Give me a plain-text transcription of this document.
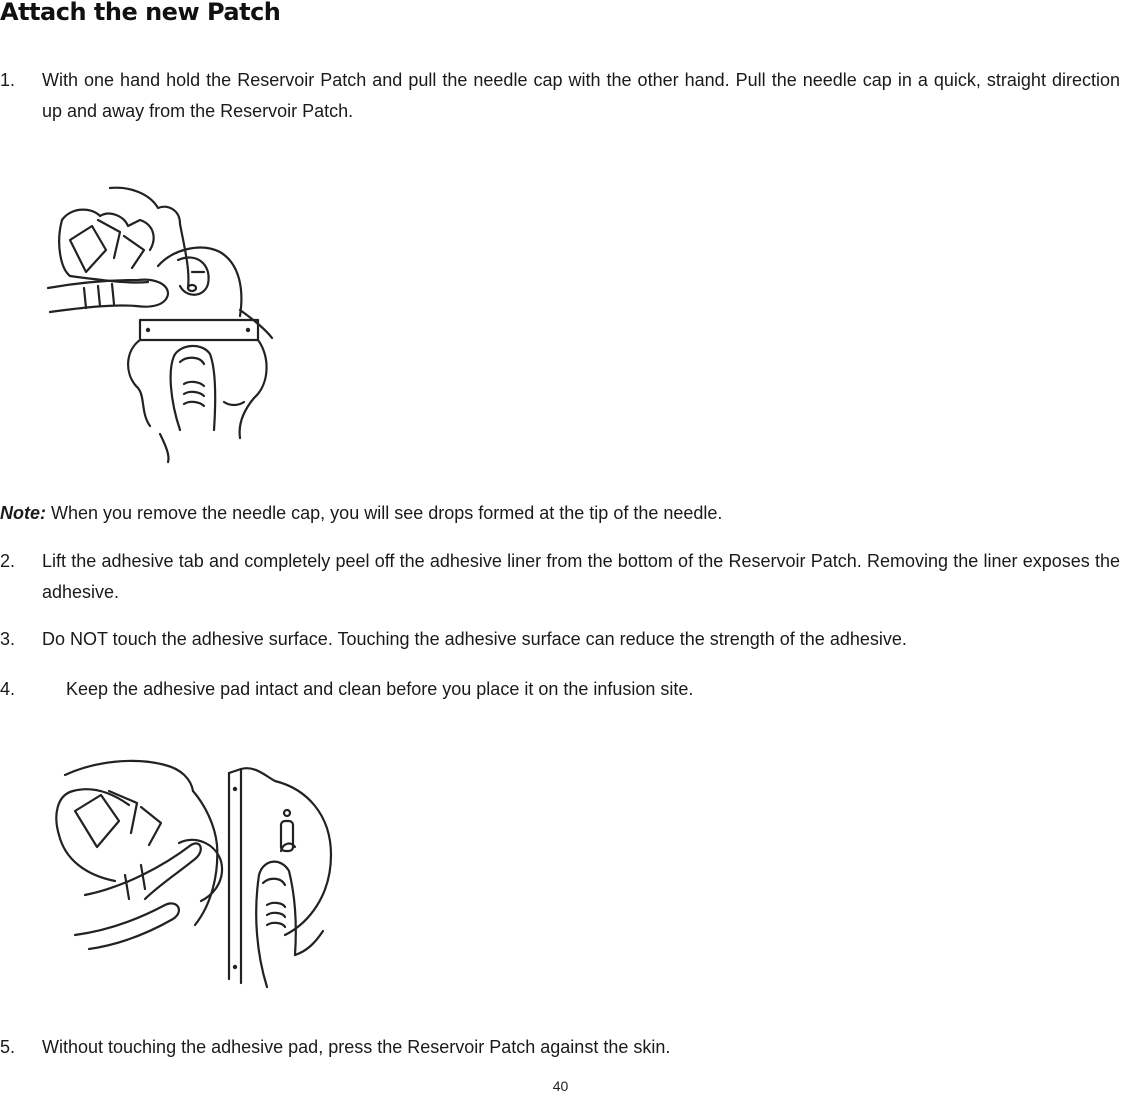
Attach the new Patch
1. With one hand hold the Reservoir Patch and pull the needle cap with the other hand. Pull the needle cap in a quick, straight direction up and away from the Reservoir Patch.
Note: When you remove the needle cap, you will see drops formed at the tip of the needle.
2. Lift the adhesive tab and completely peel off the adhesive liner from the bottom of the Reservoir Patch. Removing the liner exposes the adhesive.
3. Do NOT touch the adhesive surface. Touching the adhesive surface can reduce the strength of the adhesive.
4.	Keep the adhesive pad intact and clean before you place it on the infusion site.
5. Without touching the adhesive pad, press the Reservoir Patch against the skin.
40
